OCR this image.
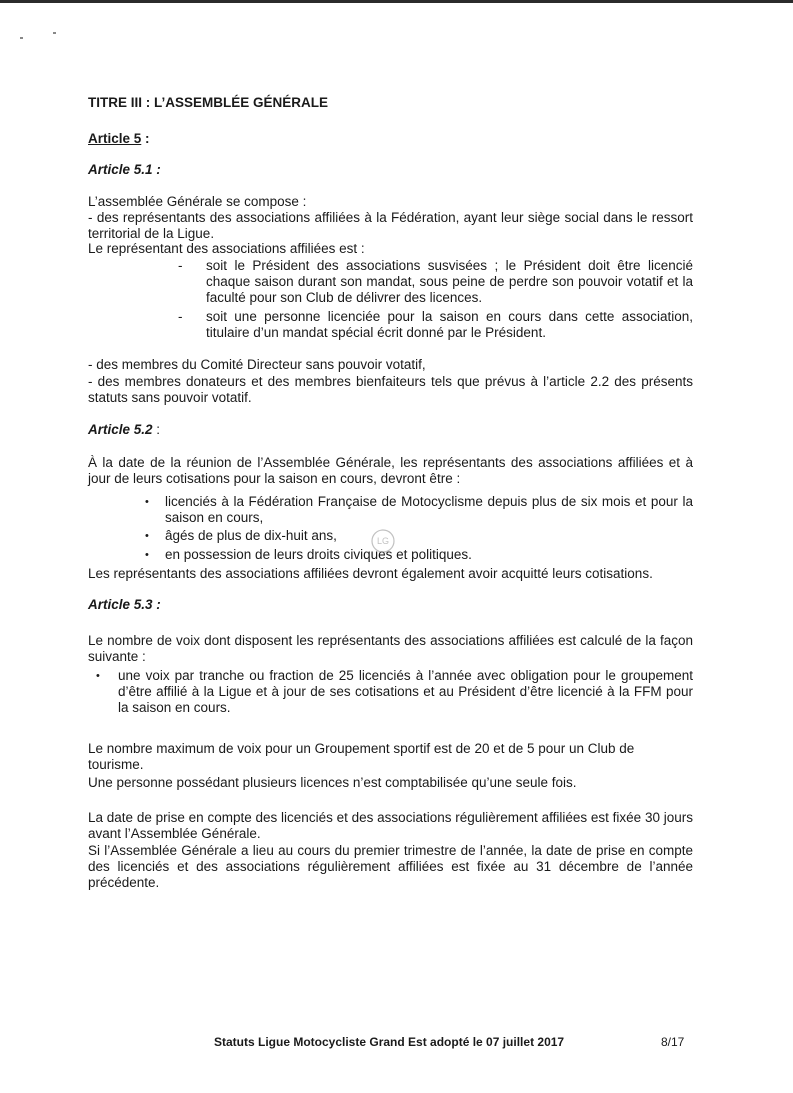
TITRE III : L’ASSEMBLÉE GÉNÉRALE
Article 5 :
Article 5.1 :
L’assemblée Générale se compose :
- des représentants des associations affiliées à la Fédération, ayant leur siège social dans le ressort territorial de la Ligue.
Le représentant des associations affiliées est :
- soit le Président des associations susvisées ; le Président doit être licencié chaque saison durant son mandat, sous peine de perdre son pouvoir votatif et la faculté pour son Club de délivrer des licences.
- soit une personne licenciée pour la saison en cours dans cette association, titulaire d’un mandat spécial écrit donné par le Président.
- des membres du Comité Directeur sans pouvoir votatif,
- des membres donateurs et des membres bienfaiteurs tels que prévus à l’article 2.2 des présents statuts sans pouvoir votatif.
Article 5.2 :
À la date de la réunion de l’Assemblée Générale, les représentants des associations affiliées et à jour de leurs cotisations pour la saison en cours, devront être :
• licenciés à la Fédération Française de Motocyclisme depuis plus de six mois et pour la saison en cours,
• âgés de plus de dix-huit ans,
• en possession de leurs droits civiques et politiques.
LG
Les représentants des associations affiliées devront également avoir acquitté leurs cotisations.
Article 5.3 :
Le nombre de voix dont disposent les représentants des associations affiliées est calculé de la façon suivante :
• une voix par tranche ou fraction de 25 licenciés à l’année avec obligation pour le groupement d’être affilié à la Ligue et à jour de ses cotisations et au Président d’être licencié à la FFM pour la saison en cours.
Le nombre maximum de voix pour un Groupement sportif est de 20 et de 5 pour un Club de tourisme.
Une personne possédant plusieurs licences n’est comptabilisée qu’une seule fois.
La date de prise en compte des licenciés et des associations régulièrement affiliées est fixée 30 jours avant l’Assemblée Générale.
Si l’Assemblée Générale a lieu au cours du premier trimestre de l’année, la date de prise en compte des licenciés et des associations régulièrement affiliées est fixée au 31 décembre de l’année précédente.
Statuts Ligue Motocycliste Grand Est adopté le 07 juillet 2017	8/17
